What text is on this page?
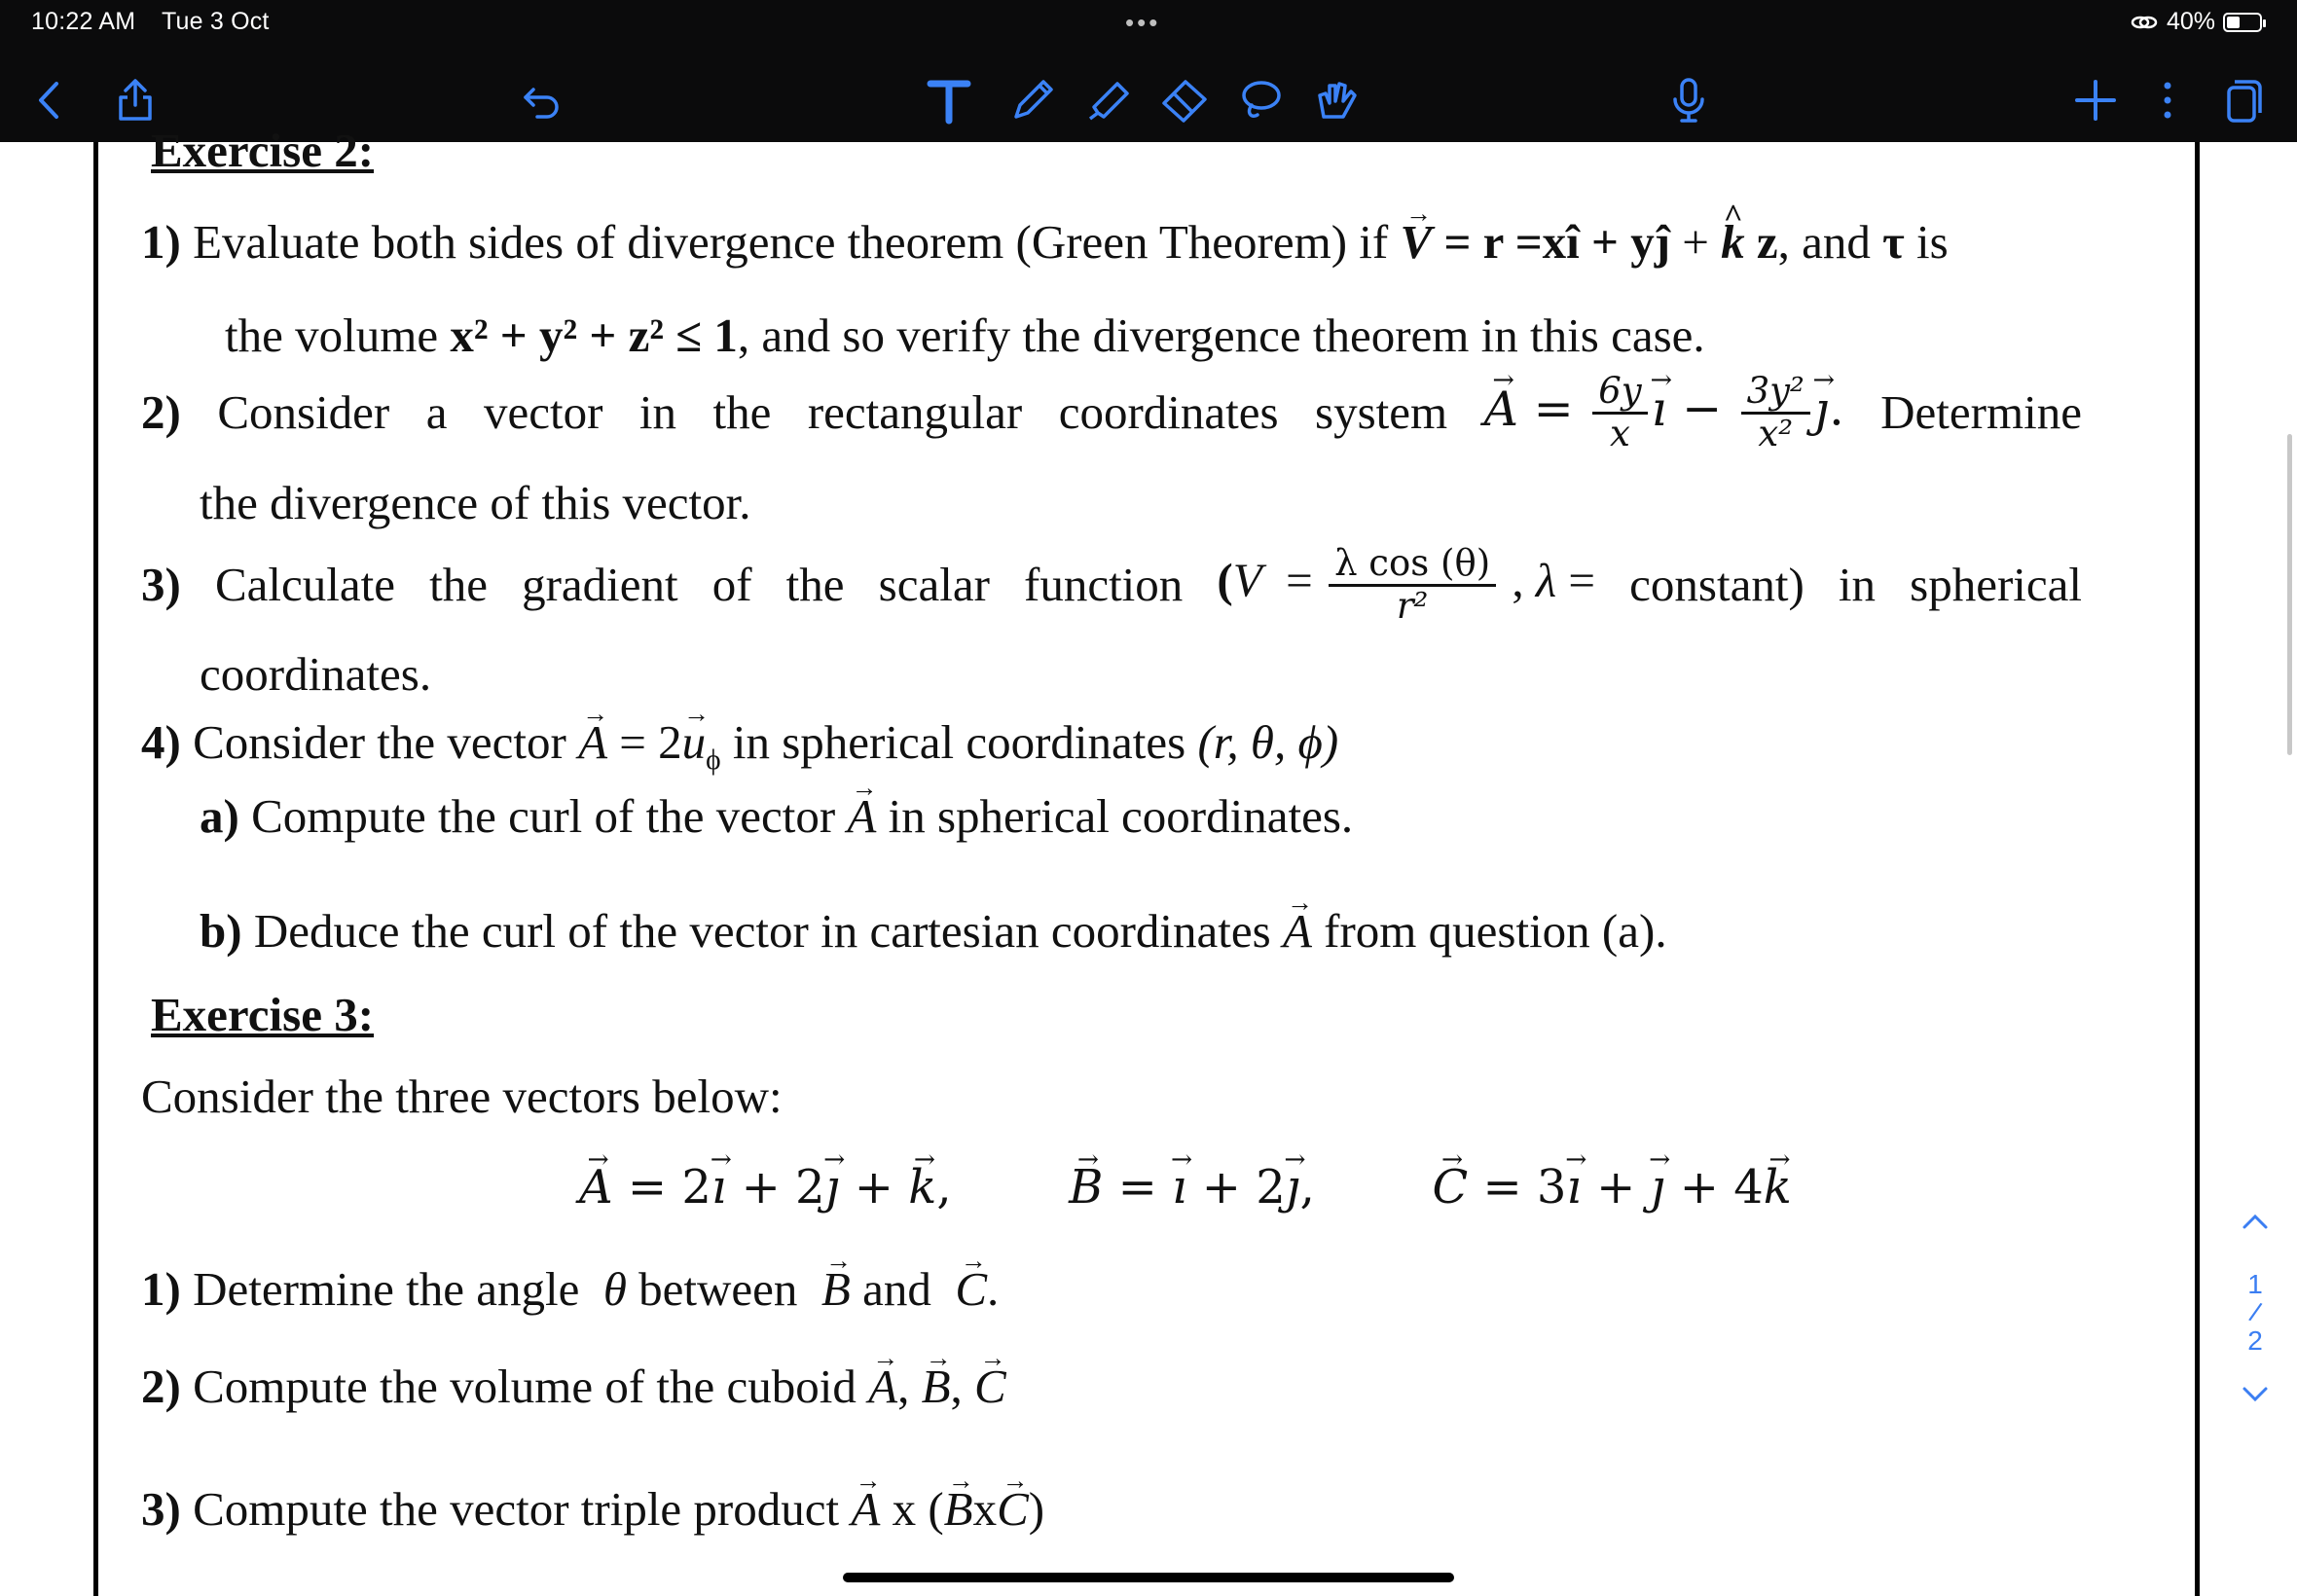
10:22 AM Tue 3 Oct	•••	40%
Exercise 2:
1) Evaluate both sides of divergence theorem (Green Theorem) if → V = r =xî + yĵ + ^ k z, and τ is
the volume x² + y² + z² ≤ 1, and so verify the divergence theorem in this case.
2) Consider a vector in the rectangular coordinates system → $A = \frac{6y}{x}$ → ı − $\frac{\text{3y²}}{\text{x²}}$ → ȷ. Determine
the divergence of this vector.
3) Calculate the gradient of the scalar function ($V = \frac{\text{λ cos (θ)}}{\text{r²}}$ , λ = constant) in spherical
coordinates.
4) Consider the vector → $A = 2\to u_\phi$ in spherical coordinates (r, θ, ϕ)
a) Compute the curl of the vector → A in spherical coordinates.
b) Deduce the curl of the vector in cartesian coordinates → A from question (a).
Exercise 3:
Consider the three vectors below:
→ A = 2→ ı + 2→ ȷ + → k,	→ B = → ı + 2→ ȷ,	→ C = 3→ ı + → ȷ + 4→ k
1) Determine the angle θ between → B and → C.
2) Compute the volume of the cuboid → A, → B, → C
3) Compute the vector triple product → A x (→ Bx→ C)
1
/
2
